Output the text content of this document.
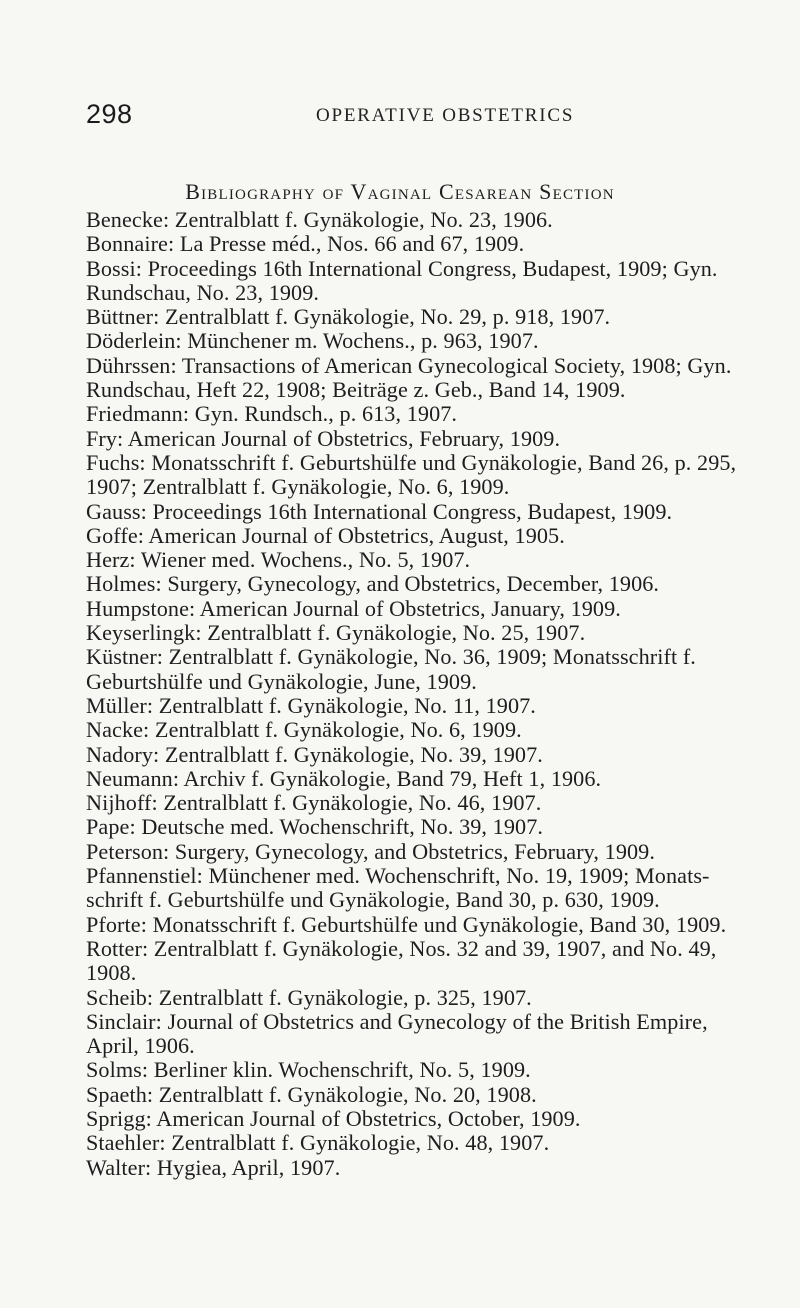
298	OPERATIVE OBSTETRICS
Bibliography of Vaginal Cesarean Section
Benecke: Zentralblatt f. Gynäkologie, No. 23, 1906.
Bonnaire: La Presse méd., Nos. 66 and 67, 1909.
Bossi: Proceedings 16th International Congress, Budapest, 1909; Gyn.
Rundschau, No. 23, 1909.
Büttner: Zentralblatt f. Gynäkologie, No. 29, p. 918, 1907.
Döderlein: Münchener m. Wochens., p. 963, 1907.
Dührssen: Transactions of American Gynecological Society, 1908; Gyn.
Rundschau, Heft 22, 1908; Beiträge z. Geb., Band 14, 1909.
Friedmann: Gyn. Rundsch., p. 613, 1907.
Fry: American Journal of Obstetrics, February, 1909.
Fuchs: Monatsschrift f. Geburtshülfe und Gynäkologie, Band 26, p. 295,
1907; Zentralblatt f. Gynäkologie, No. 6, 1909.
Gauss: Proceedings 16th International Congress, Budapest, 1909.
Goffe: American Journal of Obstetrics, August, 1905.
Herz: Wiener med. Wochens., No. 5, 1907.
Holmes: Surgery, Gynecology, and Obstetrics, December, 1906.
Humpstone: American Journal of Obstetrics, January, 1909.
Keyserlingk: Zentralblatt f. Gynäkologie, No. 25, 1907.
Küstner: Zentralblatt f. Gynäkologie, No. 36, 1909; Monatsschrift f.
Geburtshülfe und Gynäkologie, June, 1909.
Müller: Zentralblatt f. Gynäkologie, No. 11, 1907.
Nacke: Zentralblatt f. Gynäkologie, No. 6, 1909.
Nadory: Zentralblatt f. Gynäkologie, No. 39, 1907.
Neumann: Archiv f. Gynäkologie, Band 79, Heft 1, 1906.
Nijhoff: Zentralblatt f. Gynäkologie, No. 46, 1907.
Pape: Deutsche med. Wochenschrift, No. 39, 1907.
Peterson: Surgery, Gynecology, and Obstetrics, February, 1909.
Pfannenstiel: Münchener med. Wochenschrift, No. 19, 1909; Monats-
schrift f. Geburtshülfe und Gynäkologie, Band 30, p. 630, 1909.
Pforte: Monatsschrift f. Geburtshülfe und Gynäkologie, Band 30, 1909.
Rotter: Zentralblatt f. Gynäkologie, Nos. 32 and 39, 1907, and No. 49,
1908.
Scheib: Zentralblatt f. Gynäkologie, p. 325, 1907.
Sinclair: Journal of Obstetrics and Gynecology of the British Empire,
April, 1906.
Solms: Berliner klin. Wochenschrift, No. 5, 1909.
Spaeth: Zentralblatt f. Gynäkologie, No. 20, 1908.
Sprigg: American Journal of Obstetrics, October, 1909.
Staehler: Zentralblatt f. Gynäkologie, No. 48, 1907.
Walter: Hygiea, April, 1907.
